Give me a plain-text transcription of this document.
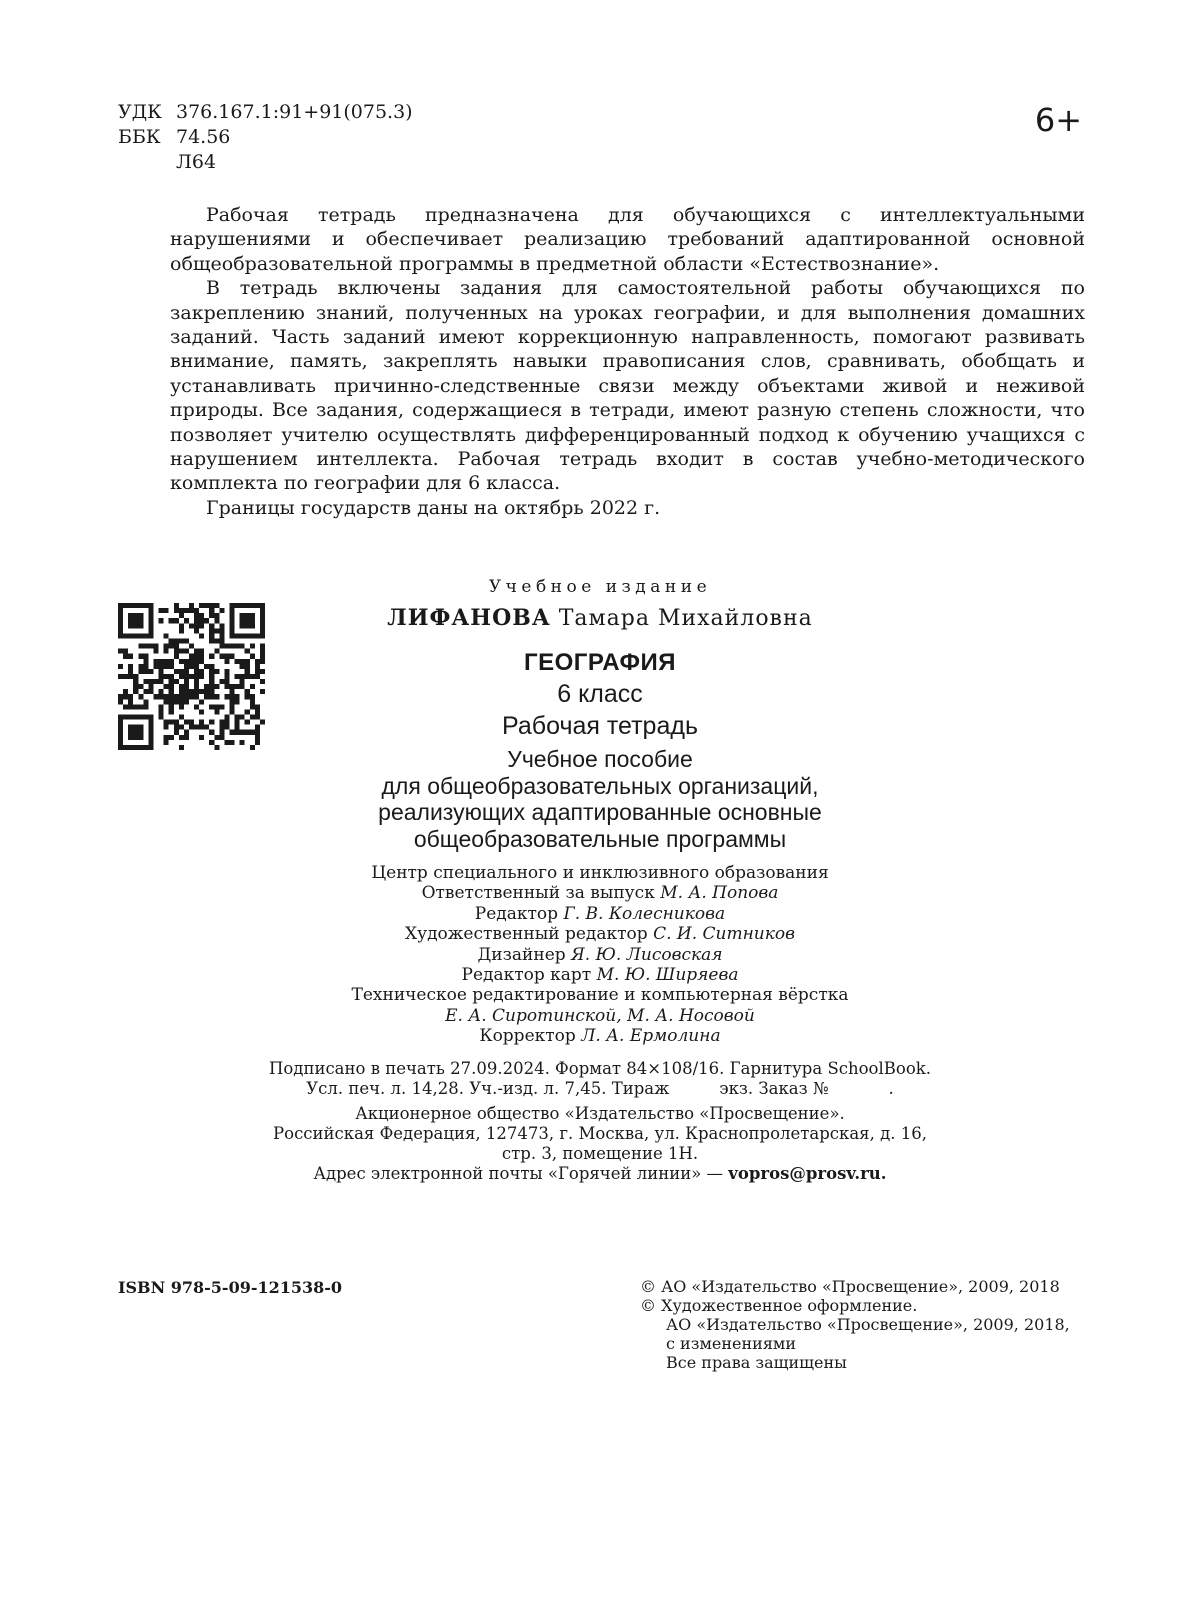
УДК 376.167.1:91+91(075.3)
ББК 74.56
Л64
6+

Рабочая тетрадь предназначена для обучающихся с интеллектуальными нарушениями и обеспечивает реализацию требований адаптированной основной общеобразовательной программы в предметной области «Естествознание».

В тетрадь включены задания для самостоятельной работы обучающихся по закреплению знаний, полученных на уроках географии, и для выполнения домашних заданий. Часть заданий имеют коррекционную направленность, помогают развивать внимание, память, закреплять навыки правописания слов, сравнивать, обобщать и устанавливать причинно-следственные связи между объектами живой и неживой природы. Все задания, содержащиеся в тетради, имеют разную степень сложности, что позволяет учителю осуществлять дифференцированный подход к обучению учащихся с нарушением интеллекта. Рабочая тетрадь входит в состав учебно-методического комплекта по географии для 6 класса.

Границы государств даны на октябрь 2022 г.

Учебное издание
ЛИФАНОВА Тамара Михайловна
ГЕОГРАФИЯ
6 класс
Рабочая тетрадь
Учебное пособие
для общеобразовательных организаций,
реализующих адаптированные основные
общеобразовательные программы
Центр специального и инклюзивного образования
Ответственный за выпуск М. А. Попова
Редактор Г. В. Колесникова
Художественный редактор С. И. Ситников
Дизайнер Я. Ю. Лисовская
Редактор карт М. Ю. Ширяева
Техническое редактирование и компьютерная вёрстка
Е. А. Сиротинской, М. А. Носовой
Корректор Л. А. Ермолина
Подписано в печать 27.09.2024. Формат 84×108/16. Гарнитура SchoolBook.
Усл. печ. л. 14,28. Уч.-изд. л. 7,45. Тираж	экз. Заказ №	.
Акционерное общество «Издательство «Просвещение».
Российская Федерация, 127473, г. Москва, ул. Краснопролетарская, д. 16,
стр. 3, помещение 1Н.
Адрес электронной почты «Горячей линии» — vopros@prosv.ru.
ISBN 978-5-09-121538-0	© АО «Издательство «Просвещение», 2009, 2018
© Художественное оформление.
АО «Издательство «Просвещение», 2009, 2018,
с изменениями
Все права защищены
